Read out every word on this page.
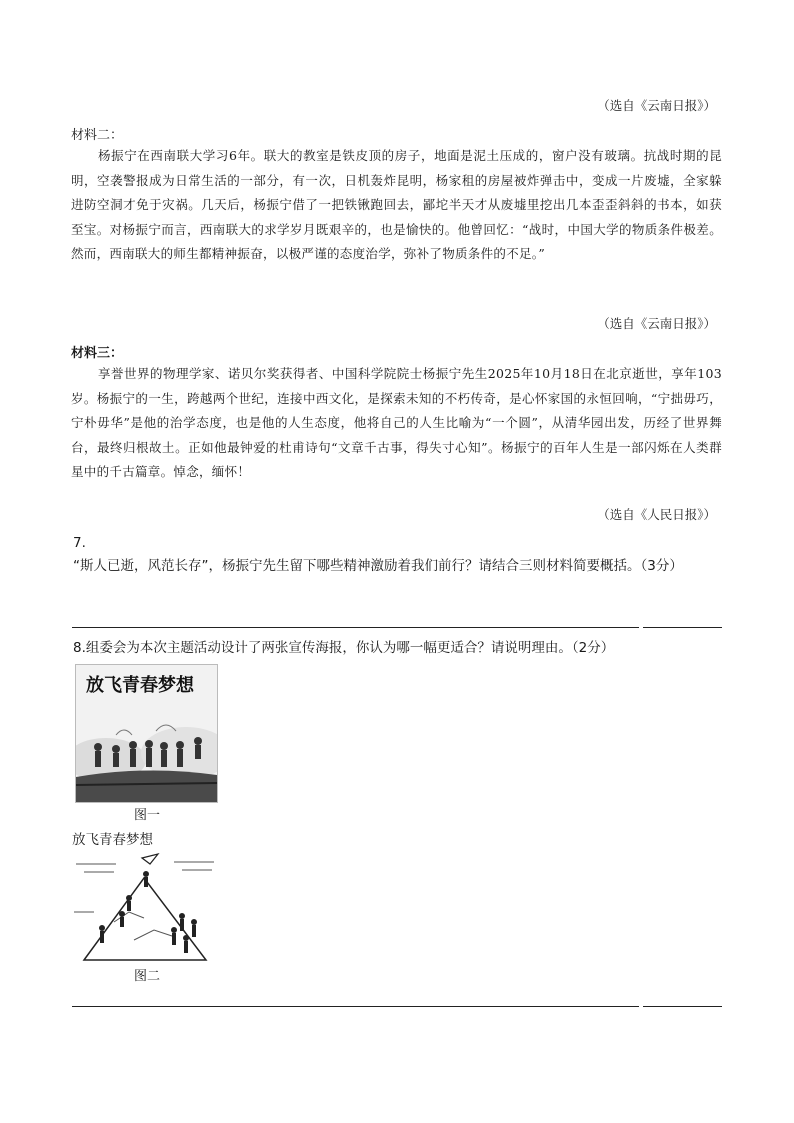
（选自《云南日报》）
材料二：
杨振宁在西南联大学习6年。联大的教室是铁皮顶的房子，地面是泥土压成的，窗户没有玻璃。抗战时期的昆明，空袭警报成为日常生活的一部分，有一次，日机轰炸昆明，杨家租的房屋被炸弹击中，变成一片废墟，全家躲进防空洞才免于灾祸。几天后，杨振宁借了一把铁锹跑回去，鄙坨半天才从废墟里挖出几本歪歪斜斜的书本，如获至宝。对杨振宁而言，西南联大的求学岁月既艰辛的，也是愉快的。他曾回忆：“战时，中国大学的物质条件极差。然而，西南联大的师生都精神振奋，以极严谨的态度治学，弥补了物质条件的不足。”
（选自《云南日报》）
材料三：
享誉世界的物理学家、诺贝尔奖获得者、中国科学院院士杨振宁先生2025年10月18日在北京逝世，享年103岁。杨振宁的一生，跨越两个世纪，连接中西文化，是探索未知的不朽传奇，是心怀家国的永恒回响，“宁拙毋巧，宁朴毋华”是他的治学态度，也是他的人生态度，他将自己的人生比喻为“一个圆”，从清华园出发，历经了世界舞台，最终归根故土。正如他最钟爱的杜甫诗句“文章千古事，得失寸心知”。杨振宁的百年人生是一部闪烁在人类群星中的千古篇章。悼念，缅怀！
（选自《人民日报》）
7.
“斯人已逝，风范长存”，杨振宁先生留下哪些精神激励着我们前行？请结合三则材料简要概括。（3分）
8.组委会为本次主题活动设计了两张宣传海报，你认为哪一幅更适合？请说明理由。（2分）
放飞青春梦想
图一
放飞青春梦想
图二
